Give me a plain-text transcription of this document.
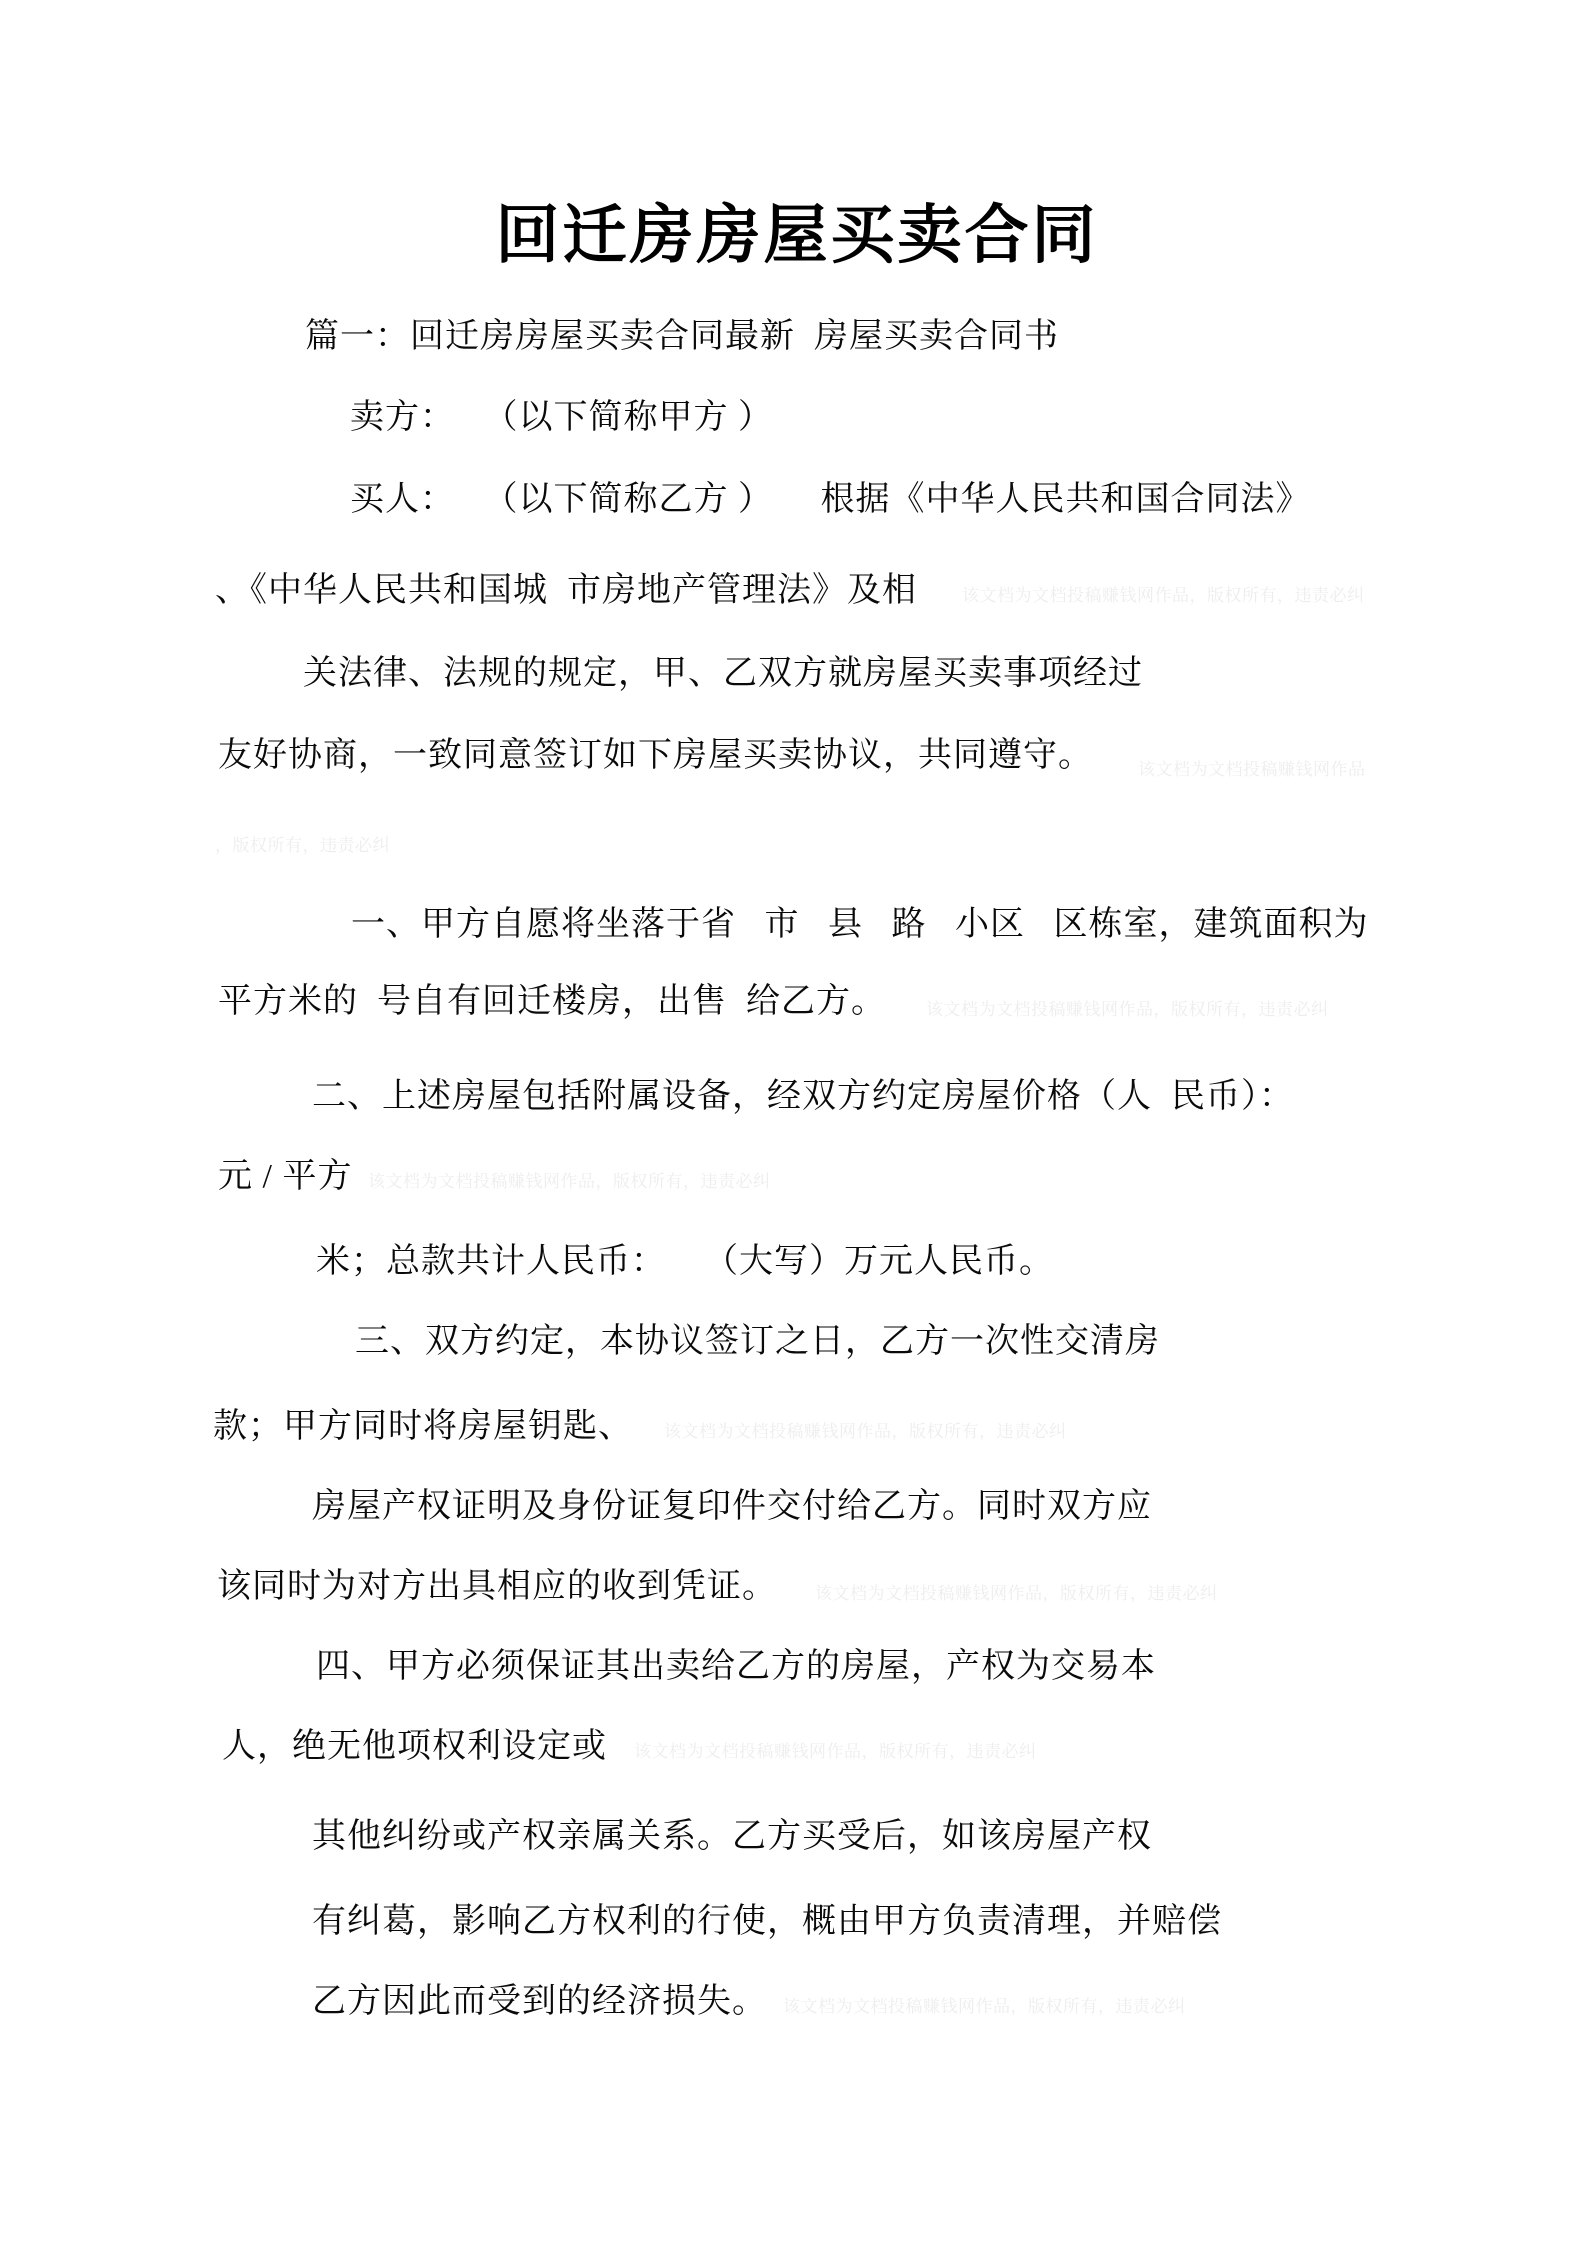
回迁房房屋买卖合同
该文档为文档投稿赚钱网作品，版权所有，违责必纠
该文档为文档投稿赚钱网作品
，版权所有，违责必纠
该文档为文档投稿赚钱网作品，版权所有，违责必纠
该文档为文档投稿赚钱网作品，版权所有，违责必纠
该文档为文档投稿赚钱网作品，版权所有，违责必纠
该文档为文档投稿赚钱网作品，版权所有，违责必纠
该文档为文档投稿赚钱网作品，版权所有，违责必纠
该文档为文档投稿赚钱网作品，版权所有，违责必纠
篇一：回迁房房屋买卖合同最新  房屋买卖合同书
卖方：   （以下简称甲方 ）
买人：   （以下简称乙方 ）     根据《中华人民共和国合同法》
、《中华人民共和国城  市房地产管理法》及相
关法律、法规的规定，甲、乙双方就房屋买卖事项经过
友好协商，一致同意签订如下房屋买卖协议，共同遵守。
一、甲方自愿将坐落于省   市   县   路   小区   区栋室，建筑面积为
平方米的  号自有回迁楼房，出售  给乙方。
二、上述房屋包括附属设备，经双方约定房屋价格（人  民币）：
元 / 平方
米；总款共计人民币：    （大写）万元人民币。
三、双方约定，本协议签订之日，乙方一次性交清房
款；甲方同时将房屋钥匙、
房屋产权证明及身份证复印件交付给乙方。同时双方应
该同时为对方出具相应的收到凭证。
四、甲方必须保证其出卖给乙方的房屋，产权为交易本
人，绝无他项权利设定或
其他纠纷或产权亲属关系。乙方买受后，如该房屋产权
有纠葛，影响乙方权利的行使，概由甲方负责清理，并赔偿
乙方因此而受到的经济损失。
